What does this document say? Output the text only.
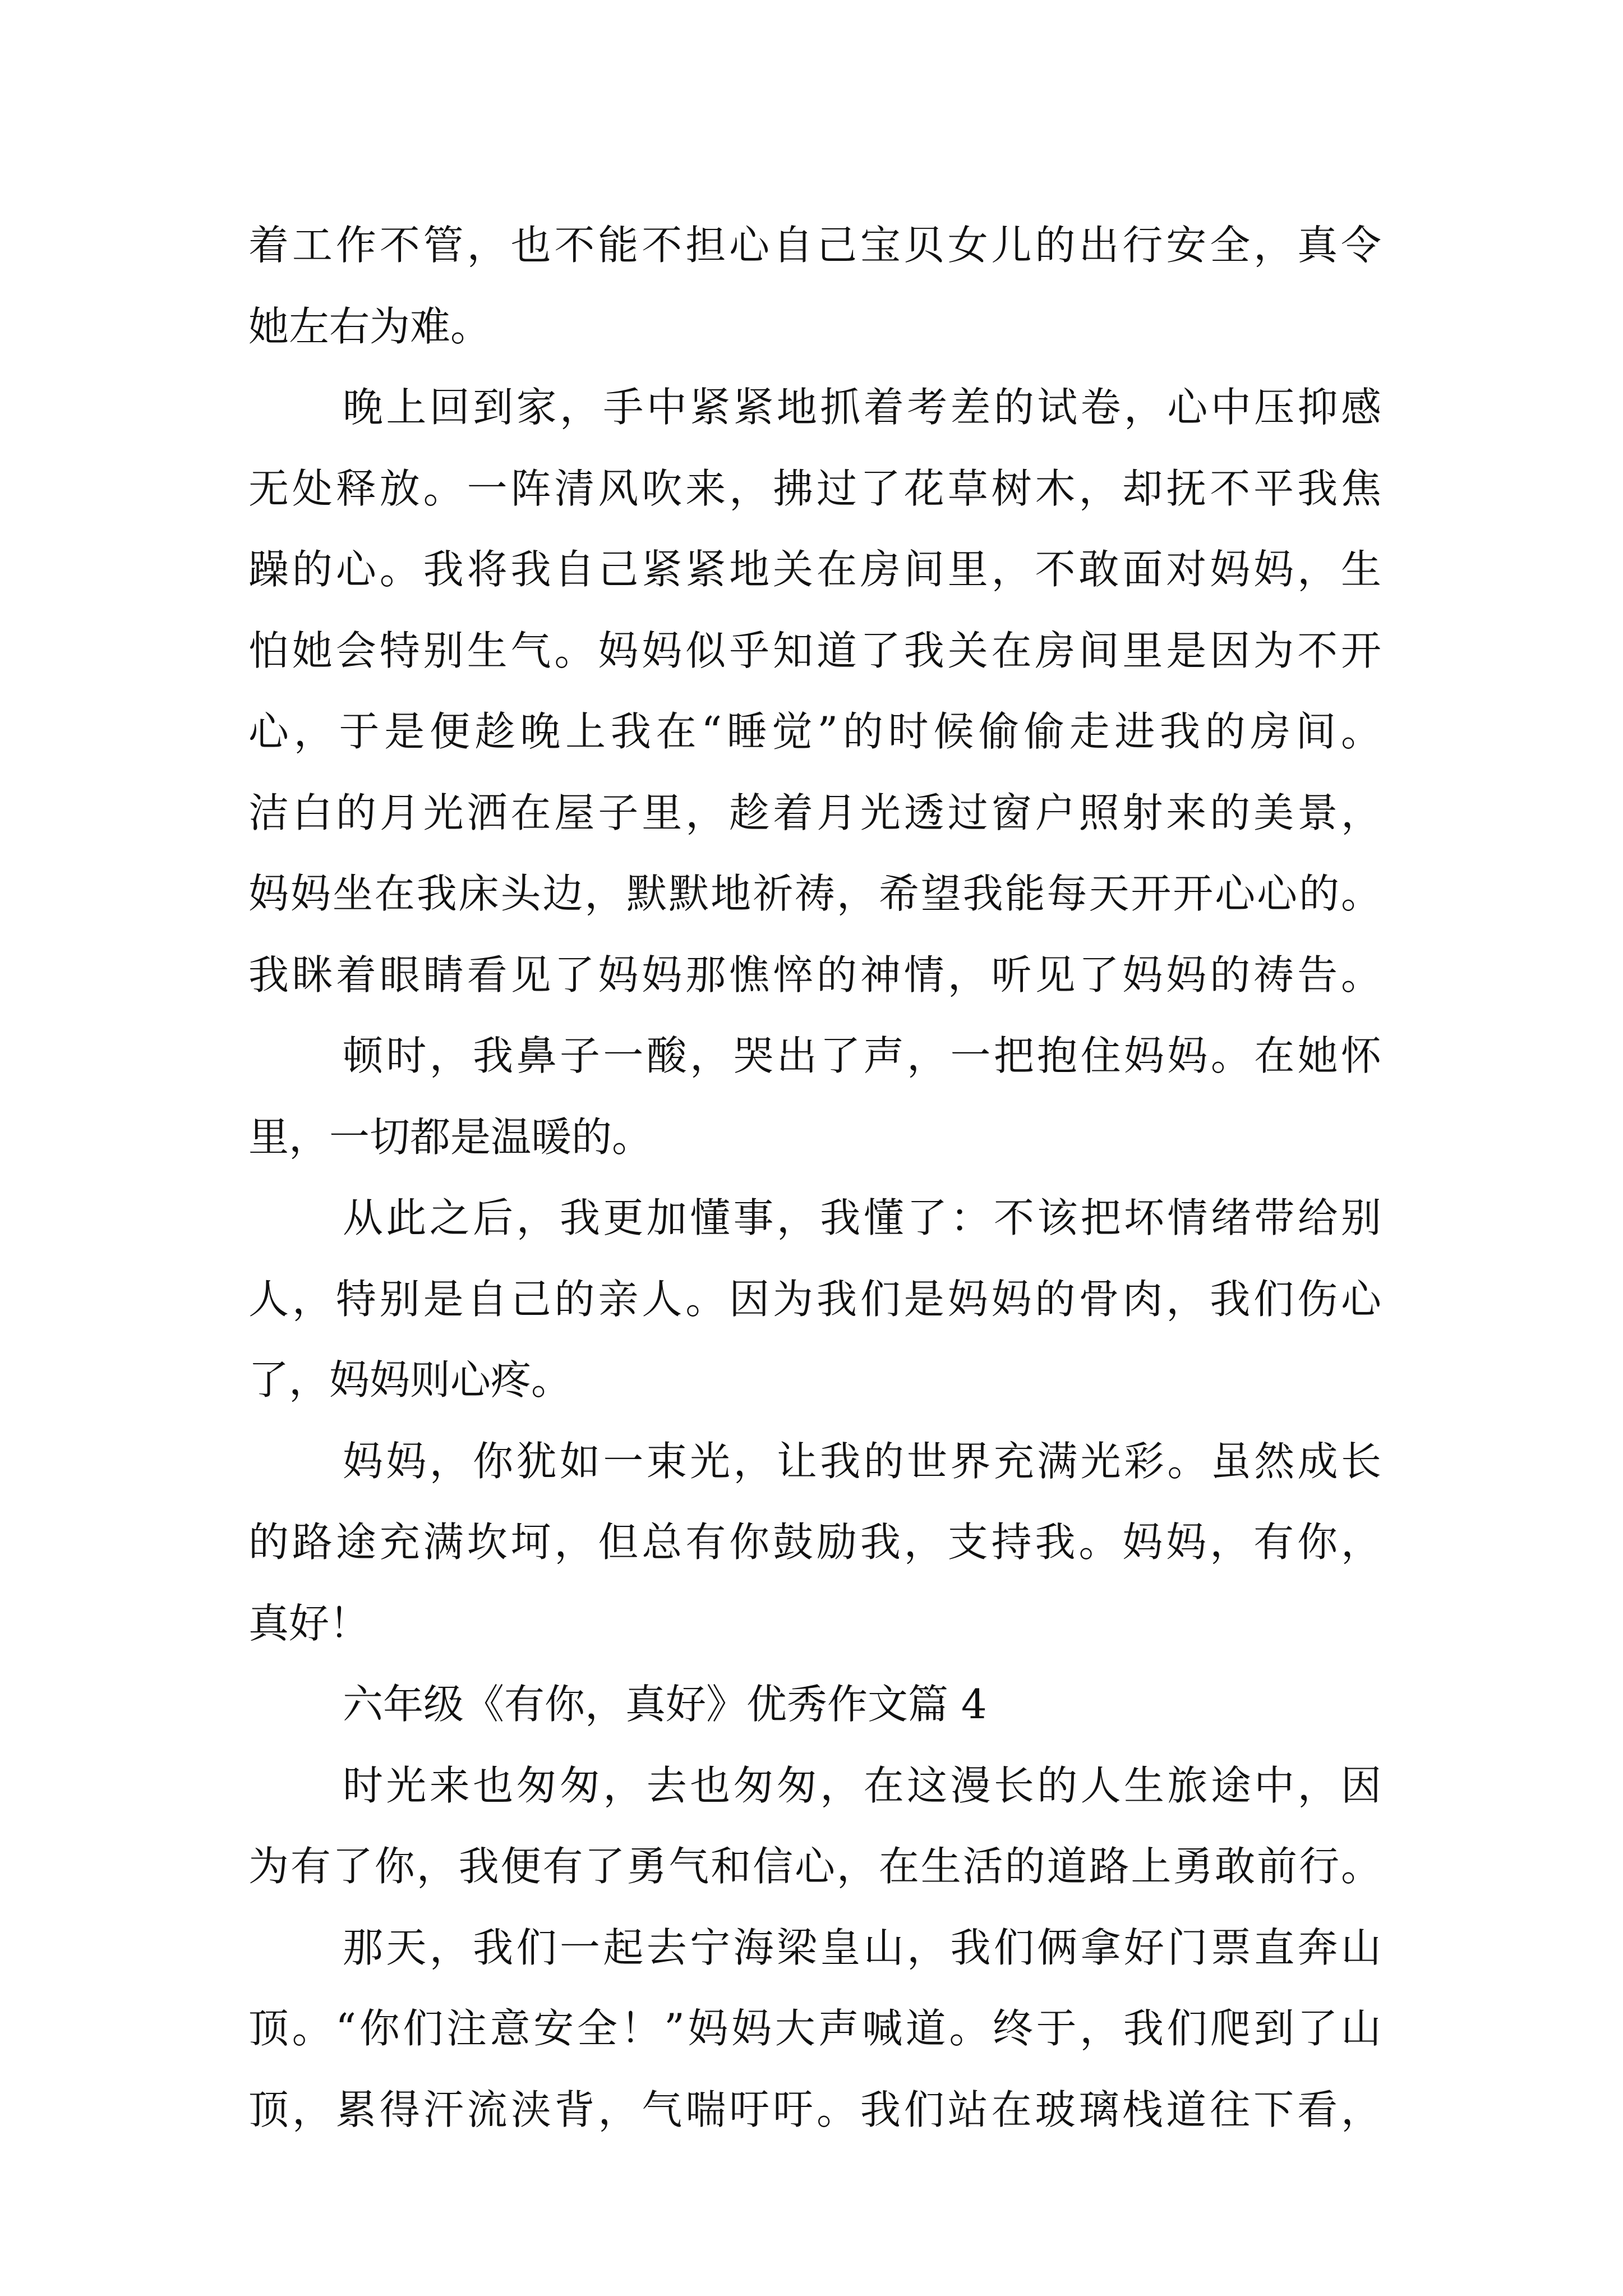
着工作不管，也不能不担心自己宝贝女儿的出行安全，真令
她左右为难。
晚上回到家，手中紧紧地抓着考差的试卷，心中压抑感
无处释放。一阵清风吹来，拂过了花草树木，却抚不平我焦
躁的心。我将我自己紧紧地关在房间里，不敢面对妈妈，生
怕她会特别生气。妈妈似乎知道了我关在房间里是因为不开
心，于是便趁晚上我在“睡觉”的时候偷偷走进我的房间。
洁白的月光洒在屋子里，趁着月光透过窗户照射来的美景，
妈妈坐在我床头边，默默地祈祷，希望我能每天开开心心的。
我眯着眼睛看见了妈妈那憔悴的神情，听见了妈妈的祷告。
顿时，我鼻子一酸，哭出了声，一把抱住妈妈。在她怀
里，一切都是温暖的。
从此之后，我更加懂事，我懂了：不该把坏情绪带给别
人，特别是自己的亲人。因为我们是妈妈的骨肉，我们伤心
了，妈妈则心疼。
妈妈，你犹如一束光，让我的世界充满光彩。虽然成长
的路途充满坎坷，但总有你鼓励我，支持我。妈妈，有你，
真好！
六年级《有你，真好》优秀作文篇 4
时光来也匆匆，去也匆匆，在这漫长的人生旅途中，因
为有了你，我便有了勇气和信心，在生活的道路上勇敢前行。
那天，我们一起去宁海梁皇山，我们俩拿好门票直奔山
顶。“你们注意安全！”妈妈大声喊道。终于，我们爬到了山
顶，累得汗流浃背，气喘吁吁。我们站在玻璃栈道往下看，
